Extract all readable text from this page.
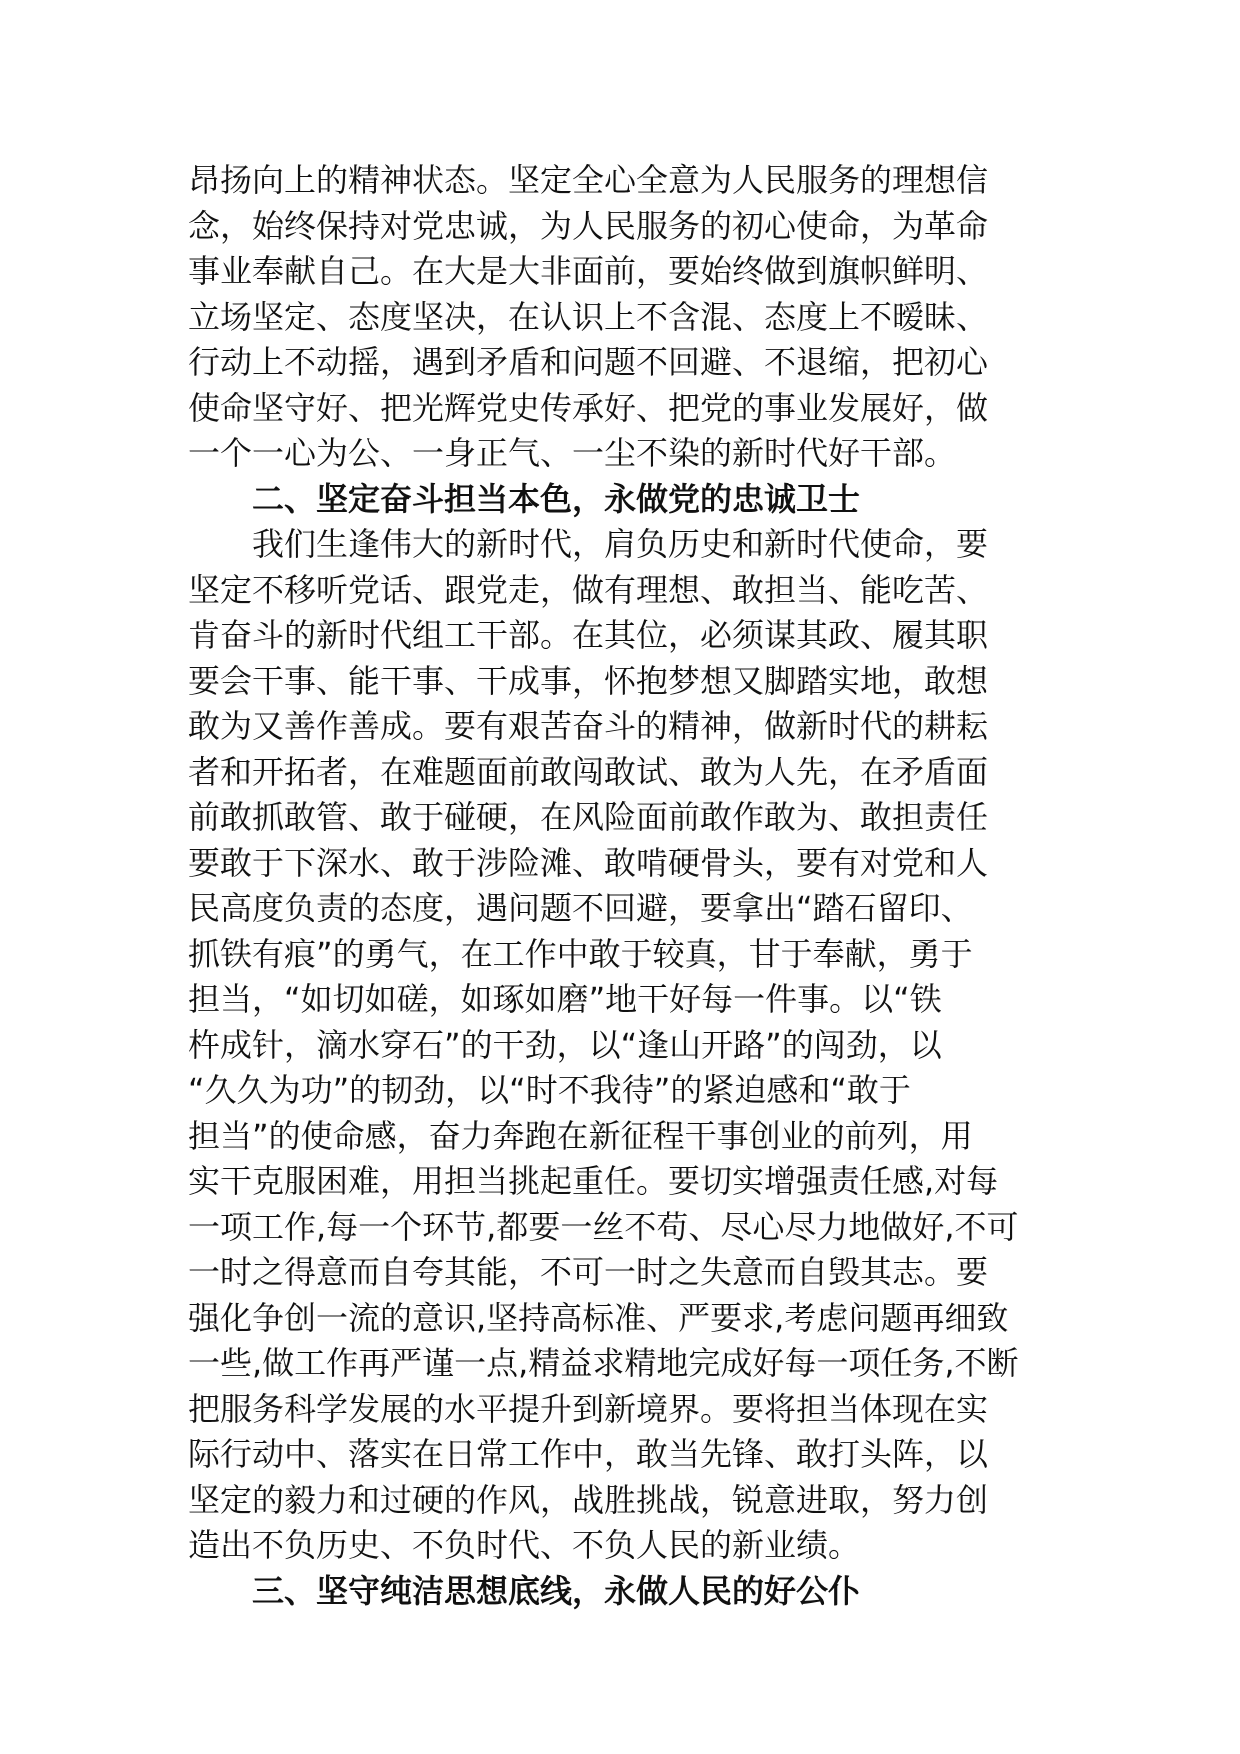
昂扬向上的精神状态。坚定全心全意为人民服务的理想信
念，始终保持对党忠诚，为人民服务的初心使命，为革命
事业奉献自己。在大是大非面前，要始终做到旗帜鲜明、
立场坚定、态度坚决，在认识上不含混、态度上不暧昧、
行动上不动摇，遇到矛盾和问题不回避、不退缩，把初心
使命坚守好、把光辉党史传承好、把党的事业发展好，做
一个一心为公、一身正气、一尘不染的新时代好干部。
二、坚定奋斗担当本色，永做党的忠诚卫士
我们生逢伟大的新时代，肩负历史和新时代使命，要
坚定不移听党话、跟党走，做有理想、敢担当、能吃苦、
肯奋斗的新时代组工干部。在其位，必须谋其政、履其职
要会干事、能干事、干成事，怀抱梦想又脚踏实地，敢想
敢为又善作善成。要有艰苦奋斗的精神，做新时代的耕耘
者和开拓者，在难题面前敢闯敢试、敢为人先，在矛盾面
前敢抓敢管、敢于碰硬，在风险面前敢作敢为、敢担责任
要敢于下深水、敢于涉险滩、敢啃硬骨头，要有对党和人
民高度负责的态度，遇问题不回避，要拿出“踏石留印、
抓铁有痕”的勇气，在工作中敢于较真，甘于奉献，勇于
担当，“如切如磋，如琢如磨”地干好每一件事。以“铁
杵成针，滴水穿石”的干劲，以“逢山开路”的闯劲，以
“久久为功”的韧劲，以“时不我待”的紧迫感和“敢于
担当”的使命感，奋力奔跑在新征程干事创业的前列，用
实干克服困难，用担当挑起重任。要切实增强责任感,对每
一项工作,每一个环节,都要一丝不苟、尽心尽力地做好,不可
一时之得意而自夸其能，不可一时之失意而自毁其志。要
强化争创一流的意识,坚持高标准、严要求,考虑问题再细致
一些,做工作再严谨一点,精益求精地完成好每一项任务,不断
把服务科学发展的水平提升到新境界。要将担当体现在实
际行动中、落实在日常工作中，敢当先锋、敢打头阵，以
坚定的毅力和过硬的作风，战胜挑战，锐意进取，努力创
造出不负历史、不负时代、不负人民的新业绩。
三、坚守纯洁思想底线，永做人民的好公仆
